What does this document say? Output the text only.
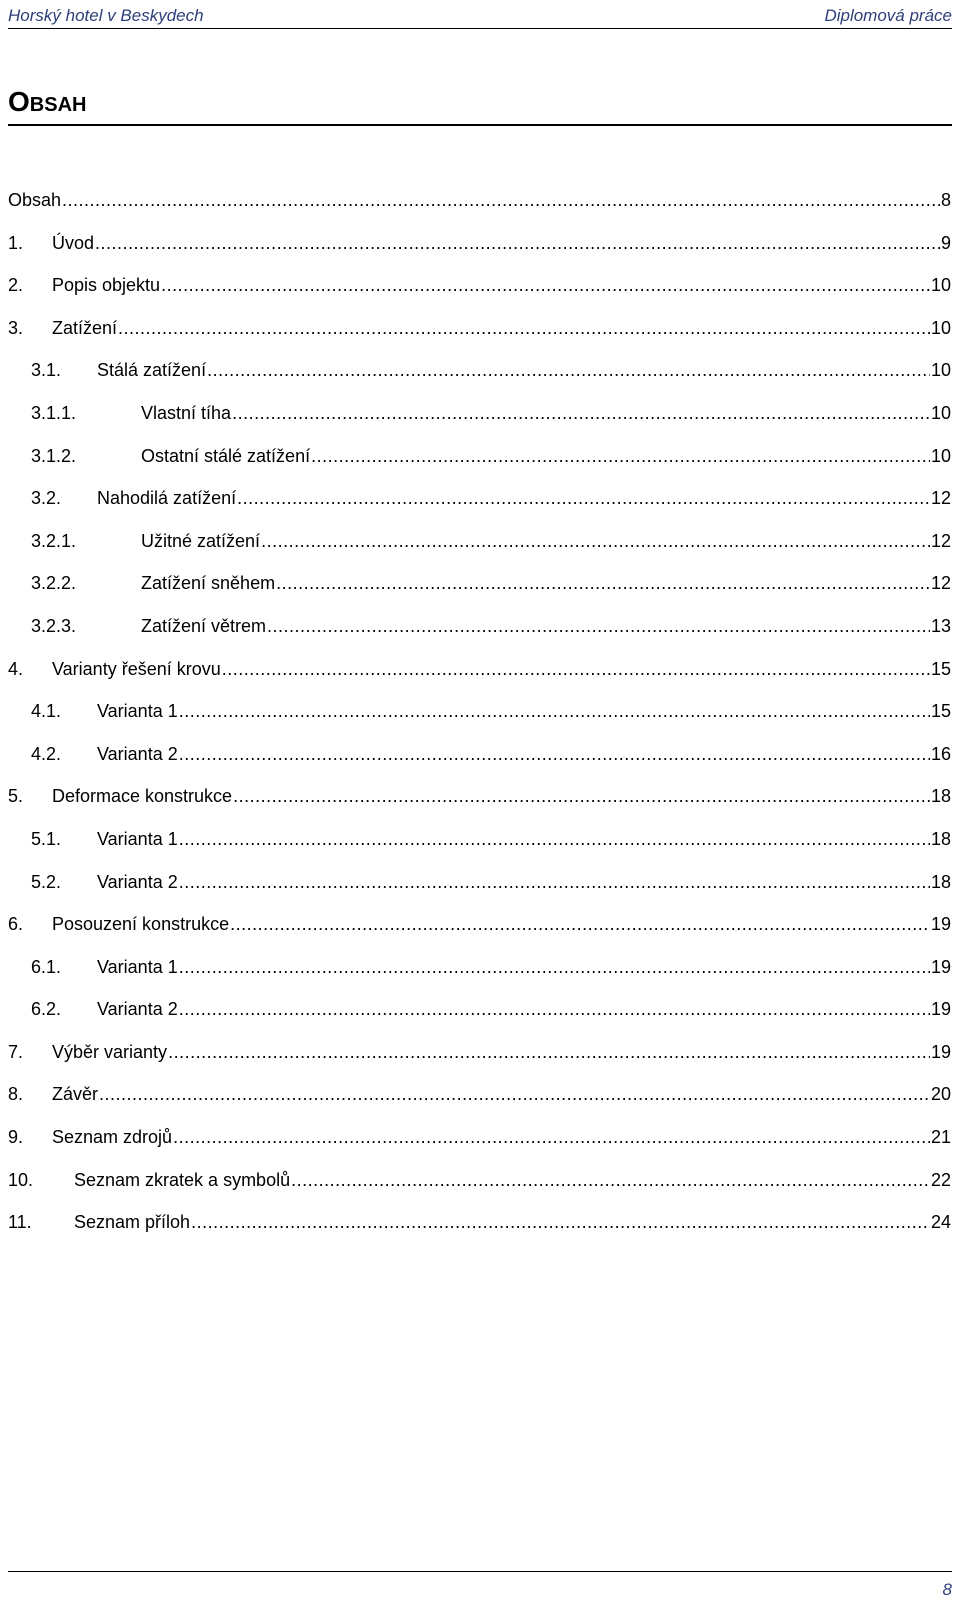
Horský hotel v Beskydech	Diplomová práce
Obsah
Obsah .....	8
1.	Úvod .....	9
2.	Popis objektu .....	10
3.	Zatížení .....	10
3.1.	Stálá zatížení .....	10
3.1.1.	Vlastní tíha .....	10
3.1.2.	Ostatní stálé zatížení .....	10
3.2.	Nahodilá zatížení .....	12
3.2.1.	Užitné zatížení .....	12
3.2.2.	Zatížení sněhem .....	12
3.2.3.	Zatížení větrem .....	13
4.	Varianty řešení krovu .....	15
4.1.	Varianta 1 .....	15
4.2.	Varianta 2 .....	16
5.	Deformace konstrukce .....	18
5.1.	Varianta 1 .....	18
5.2.	Varianta 2 .....	18
6.	Posouzení konstrukce .....	19
6.1.	Varianta 1 .....	19
6.2.	Varianta 2 .....	19
7.	Výběr varianty .....	19
8.	Závěr .....	20
9.	Seznam zdrojů .....	21
10.	Seznam zkratek a symbolů .....	22
11.	Seznam příloh .....	24
8
